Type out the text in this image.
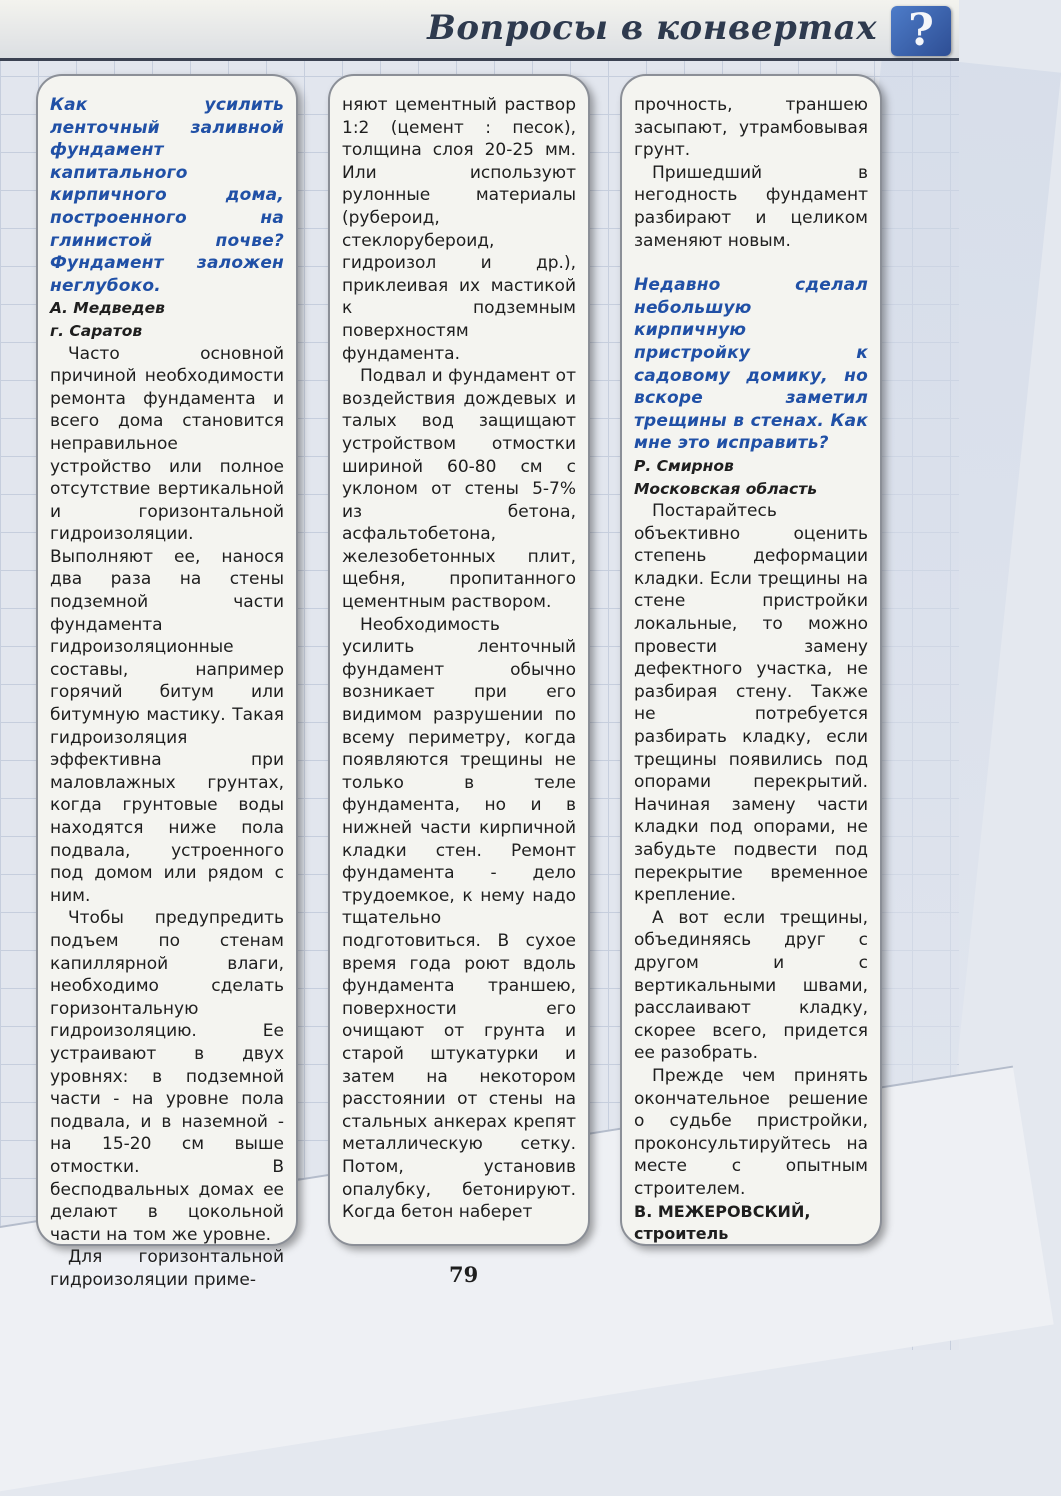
Вопросы в конвертах ?

Как усилить ленточный заливной фундамент капитального кирпичного дома, построенного на глинистой почве? Фундамент заложен неглубоко.

А. Медведев

г. Саратов

Часто основной причиной необходимости ремонта фундамента и всего дома становится неправильное устройство или полное отсутствие вертикальной и горизонтальной гидроизоляции. Выполняют ее, нанося два раза на стены подземной части фундамента гидроизоляционные составы, например горячий битум или битумную мастику. Такая гидроизоляция эффективна при маловлажных грунтах, когда грунтовые воды находятся ниже пола подвала, устроенного под домом или рядом с ним.

Чтобы предупредить подъем по стенам капиллярной влаги, необходимо сделать горизонтальную гидроизоляцию. Ее устраивают в двух уровнях: в подземной части - на уровне пола подвала, и в наземной - на 15-20 см выше отмостки. В бесподвальных домах ее делают в цокольной части на том же уровне.

Для горизонтальной гидроизоляции приме-

няют цементный раствор 1:2 (цемент : песок), толщина слоя 20-25 мм. Или используют рулонные материалы (рубероид, стеклорубероид, гидроизол и др.), приклеивая их мастикой к подземным поверхностям фундамента.

Подвал и фундамент от воздействия дождевых и талых вод защищают устройством отмостки шириной 60-80 см с уклоном от стены 5-7% из бетона, асфальтобетона, железобетонных плит, щебня, пропитанного цементным раствором.

Необходимость усилить ленточный фундамент обычно возникает при его видимом разрушении по всему периметру, когда появляются трещины не только в теле фундамента, но и в нижней части кирпичной кладки стен. Ремонт фундамента - дело трудоемкое, к нему надо тщательно подготовиться. В сухое время года роют вдоль фундамента траншею, поверхности его очищают от грунта и старой штукатурки и затем на некотором расстоянии от стены на стальных анкерах крепят металлическую сетку. Потом, установив опалубку, бетонируют. Когда бетон наберет

прочность, траншею засыпают, утрамбовывая грунт.

Пришедший в негодность фундамент разбирают и целиком заменяют новым.

Недавно сделал небольшую кирпичную пристройку к садовому домику, но вскоре заметил трещины в стенах. Как мне это исправить?

Р. Смирнов

Московская область

Постарайтесь объективно оценить степень деформации кладки. Если трещины на стене пристройки локальные, то можно провести замену дефектного участка, не разбирая стену. Также не потребуется разбирать кладку, если трещины появились под опорами перекрытий. Начиная замену части кладки под опорами, не забудьте подвести под перекрытие временное крепление.

А вот если трещины, объединяясь друг с другом и с вертикальными швами, расслаивают кладку, скорее всего, придется ее разобрать.

Прежде чем принять окончательное решение о судьбе пристройки, проконсультируйтесь на месте с опытным строителем.

В. МЕЖЕРОВСКИЙ,

строитель

79
